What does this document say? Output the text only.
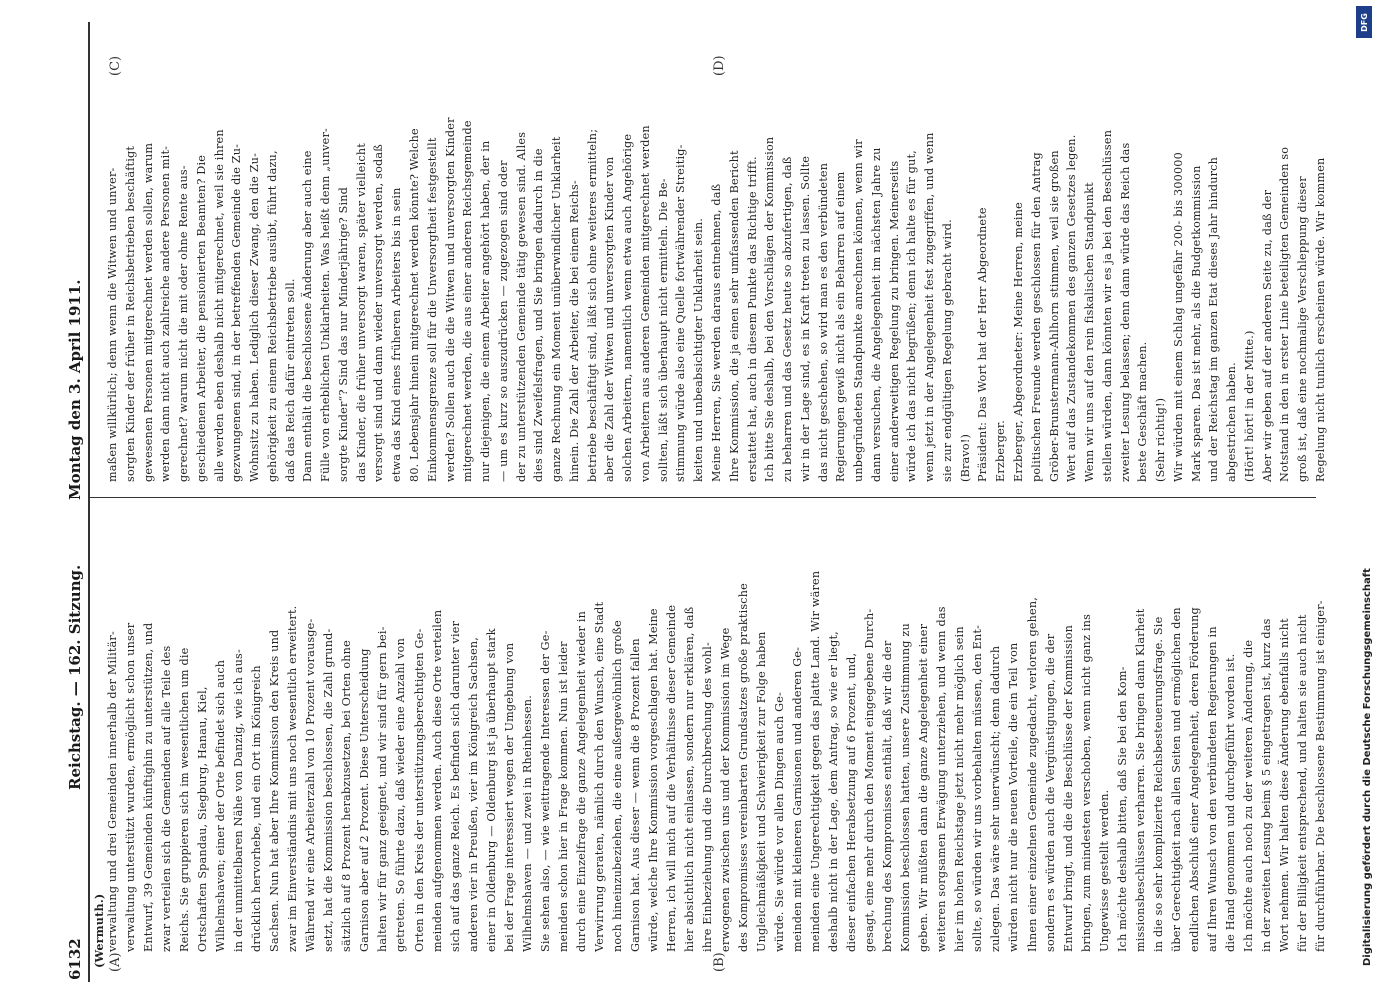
6132
Reichstag. — 162. Sitzung.
Montag den 3. April 1911.
(A)	(B)
(C)	(D)
verwaltung und drei Gemeinden innerhalb der Militär- verwaltung unterstützt wurden, ermöglicht schon unser Entwurf, 39 Gemeinden künftighin zu unterstützen, und zwar verteilen sich die Gemeinden auf alle Teile des Reichs. Sie gruppieren sich im wesentlichen um die Ortschaften Spandau, Siegburg, Hanau, Kiel, Wilhelmshaven; einer der Orte befindet sich auch in der unmittelbaren Nähe von Danzig, wie ich aus- drücklich hervorhebe, und ein Ort im Königreich Sachsen. Nun hat aber Ihre Kommission den Kreis und zwar im Einverständnis mit uns noch wesentlich erweitert. Während wir eine Arbeiterzahl von 10 Prozent vorausge- setzt, hat die Kommission beschlossen, die Zahl grund- sätzlich auf 8 Prozent herabzusetzen, bei Orten ohne Garnison aber auf 2 Prozent. Diese Unterscheidung halten wir für ganz geeignet, und wir sind für gern bei- getreten. So führte dazu, daß wieder eine Anzahl von Orten in den Kreis der unterstützungsberechtigten Ge- meinden aufgenommen werden. Auch diese Orte verteilen sich auf das ganze Reich. Es befinden sich darunter vier anderen vier in Preußen, vier im Königreich Sachsen, einer in Oldenburg — Oldenburg ist ja überhaupt stark bei der Frage interessiert wegen der Umgebung von Wilhelmshaven — und zwei in Rheinhessen. Sie sehen also, — wie weittragende Interessen der Ge- meinden schon hier in Frage kommen. Nun ist leider durch eine Einzelfrage die ganze Angelegenheit wieder in Verwirrung geraten, nämlich durch den Wunsch, eine Stadt noch hineinzubeziehen, die eine außergewöhnlich große Garnison hat. Aus dieser — wenn die 8 Prozent fallen würde, welche Ihre Kommission vorgeschlagen hat. Meine Herren, ich will mich auf die Verhältnisse dieser Gemeinde hier absichtlich nicht einlassen, sondern nur erklären, daß ihre Einbeziehung und die Durchbrechung des wohl- erwogenen zwischen uns und der Kommission im Wege des Kompromisses vereinbarten Grundsatzes große praktische Ungleichmäßigkeit und Schwierigkeit zur Folge haben würde. Sie würde vor allen Dingen auch Ge- meinden mit kleineren Garnisonen und anderen Ge- meinden eine Ungerechtigkeit gegen das platte Land. Wir wären deshalb nicht in der Lage, dem Antrag, so wie er liegt, dieser einfachen Herabsetzung auf 6 Prozent, und, gesagt, eine mehr durch den Moment eingegebene Durch- brechung des Kompromisses enthält, daß wir die der Kommission beschlossen hatten, unsere Zustimmung zu geben. Wir müßten dann die ganze Angelegenheit einer weiteren sorgsamen Erwägung unterziehen, und wenn das hier im hohen Reichstage jetzt nicht mehr möglich sein sollte, so würden wir uns vorbehalten müssen, den Ent- zulegen. Das wäre sehr unerwünscht; denn dadurch würden nicht nur die neuen Vorteile, die ein Teil von Ihnen einer einzelnen Gemeinde zugedacht, verloren gehen, sondern es würden auch die Vergünstigungen, die der Entwurf bringt, und die die Beschlüsse der Kommission bringen, zum mindesten verschoben, wenn nicht ganz ins Ungewisse gestellt werden. Ich möchte deshalb bitten, daß Sie bei den Kom- missionsbeschlüssen verharren. Sie bringen dann Klarheit in die so sehr komplizierte Reichsbesteuerungsfrage. Sie über Gerechtigkeit nach allen Seiten und ermöglichen den endlichen Abschluß einer Angelegenheit, deren Förderung auf Ihren Wunsch von den verbündeten Regierungen in die Hand genommen und durchgeführt worden ist. Ich möchte auch noch zu der weiteren Änderung, die in der zweiten Lesung beim § 5 eingetragen ist, kurz das Wort nehmen. Wir halten diese Änderung ebenfalls nicht für der Billigkeit entsprechend, und halten sie auch nicht für durchführbar. Die beschlossene Bestimmung ist einiger-
maßen willkürlich; denn wenn die Witwen und unver- sorgten Kinder der früher in Reichsbetrieben beschäftigt gewesenen Personen mitgerechnet werden sollen, warum werden dann nicht auch zahlreiche andere Personen mit- gerechnet? warum nicht die mit oder ohne Rente aus- geschiedenen Arbeiter, die pensionierten Beamten? Die alle werden eben deshalb nicht mitgerechnet, weil sie ihren gezwungenen sind, in der betreffenden Gemeinde die Zu- Wohnsitz zu haben. Lediglich dieser Zwang, den die Zu- gehörigkeit zu einem Reichsbetriebe ausübt, führt dazu, daß das Reich dafür eintreten soll. Dann enthält die beschlossene Änderung aber auch eine Fülle von erheblichen Unklarheiten. Was heißt denn „unver- sorgte Kinder“? Sind das nur Minderjährige? Sind das Kinder, die früher unversorgt waren, später vielleicht versorgt sind und dann wieder unversorgt werden, sodaß etwa das Kind eines früheren Arbeiters bis in sein 80. Lebensjahr hinein mitgerechnet werden könnte? Welche Einkommensgrenze soll für die Unversorgtheit festgestellt werden? Sollen auch die die Witwen und unversorgten Kinder mitgerechnet werden, die aus einer anderen Reichsgemeinde nur diejenigen, die einem Arbeiter angehört haben, der in — um es kurz so auszudrücken — zugezogen sind oder der zu unterstützenden Gemeinde tätig gewesen sind. Alles dies sind Zweifelsfragen, und Sie bringen dadurch in die ganze Rechnung ein Moment unüberwindlicher Unklarheit hinein. Die Zahl der Arbeiter, die bei einem Reichs- betriebe beschäftigt sind, läßt sich ohne weiteres ermitteln; aber die Zahl der Witwen und unversorgten Kinder von solchen Arbeitern, namentlich wenn etwa auch Angehörige von Arbeitern aus anderen Gemeinden mitgerechnet werden sollten, läßt sich überhaupt nicht ermitteln. Die Be- stimmung würde also eine Quelle fortwährender Streitig- keiten und unbeabsichtigter Unklarheit sein. Meine Herren, Sie werden daraus entnehmen, daß Ihre Kommission, die ja einen sehr umfassenden Bericht erstattet hat, auch in diesem Punkte das Richtige trifft. Ich bitte Sie deshalb, bei den Vorschlägen der Kommission zu beharren und das Gesetz heute so abzufertigen, daß wir in der Lage sind, es in Kraft treten zu lassen. Sollte das nicht geschehen, so wird man es den verbündeten Regierungen gewiß nicht als ein Beharren auf einem unbegründeten Standpunkte anrechnen können, wenn wir dann versuchen, die Angelegenheit im nächsten Jahre zu einer anderweitigen Regelung zu bringen. Meinerseits würde ich das nicht begrüßen; denn ich halte es für gut, wenn jetzt in der Angelegenheit fest zugegriffen, und wenn sie zur endgültigen Regelung gebracht wird. (Bravo!) Präsident: Das Wort hat der Herr Abgeordnete Erzberger. Erzberger, Abgeordneter: Meine Herren, meine politischen Freunde werden geschlossen für den Antrag Gröber-Brunstermann-Ahlhorn stimmen, weil sie großen Wert auf das Zustandekommen des ganzen Gesetzes legen. Wenn wir uns auf den rein fiskalischen Standpunkt stellen würden, dann könnten wir es ja bei den Beschlüssen zweiter Lesung belassen; denn dann würde das Reich das beste Geschäft machen. (Sehr richtig!) Wir würden mit einem Schlag ungefähr 200- bis 300000 Mark sparen. Das ist mehr, als die Budgetkommission und der Reichstag im ganzen Etat dieses Jahr hindurch abgestrichen haben. (Hört! hört! in der Mitte.) Aber wir geben auf der anderen Seite zu, daß der Notstand in den in erster Linie beteiligten Gemeinden so groß ist, daß eine nochmalige Verschleppung dieser Regelung nicht tunlich erscheinen würde. Wir kommen
(Wermuth.)	Digitalisierung gefördert durch die Deutsche Forschungsgemeinschaft
DFG
